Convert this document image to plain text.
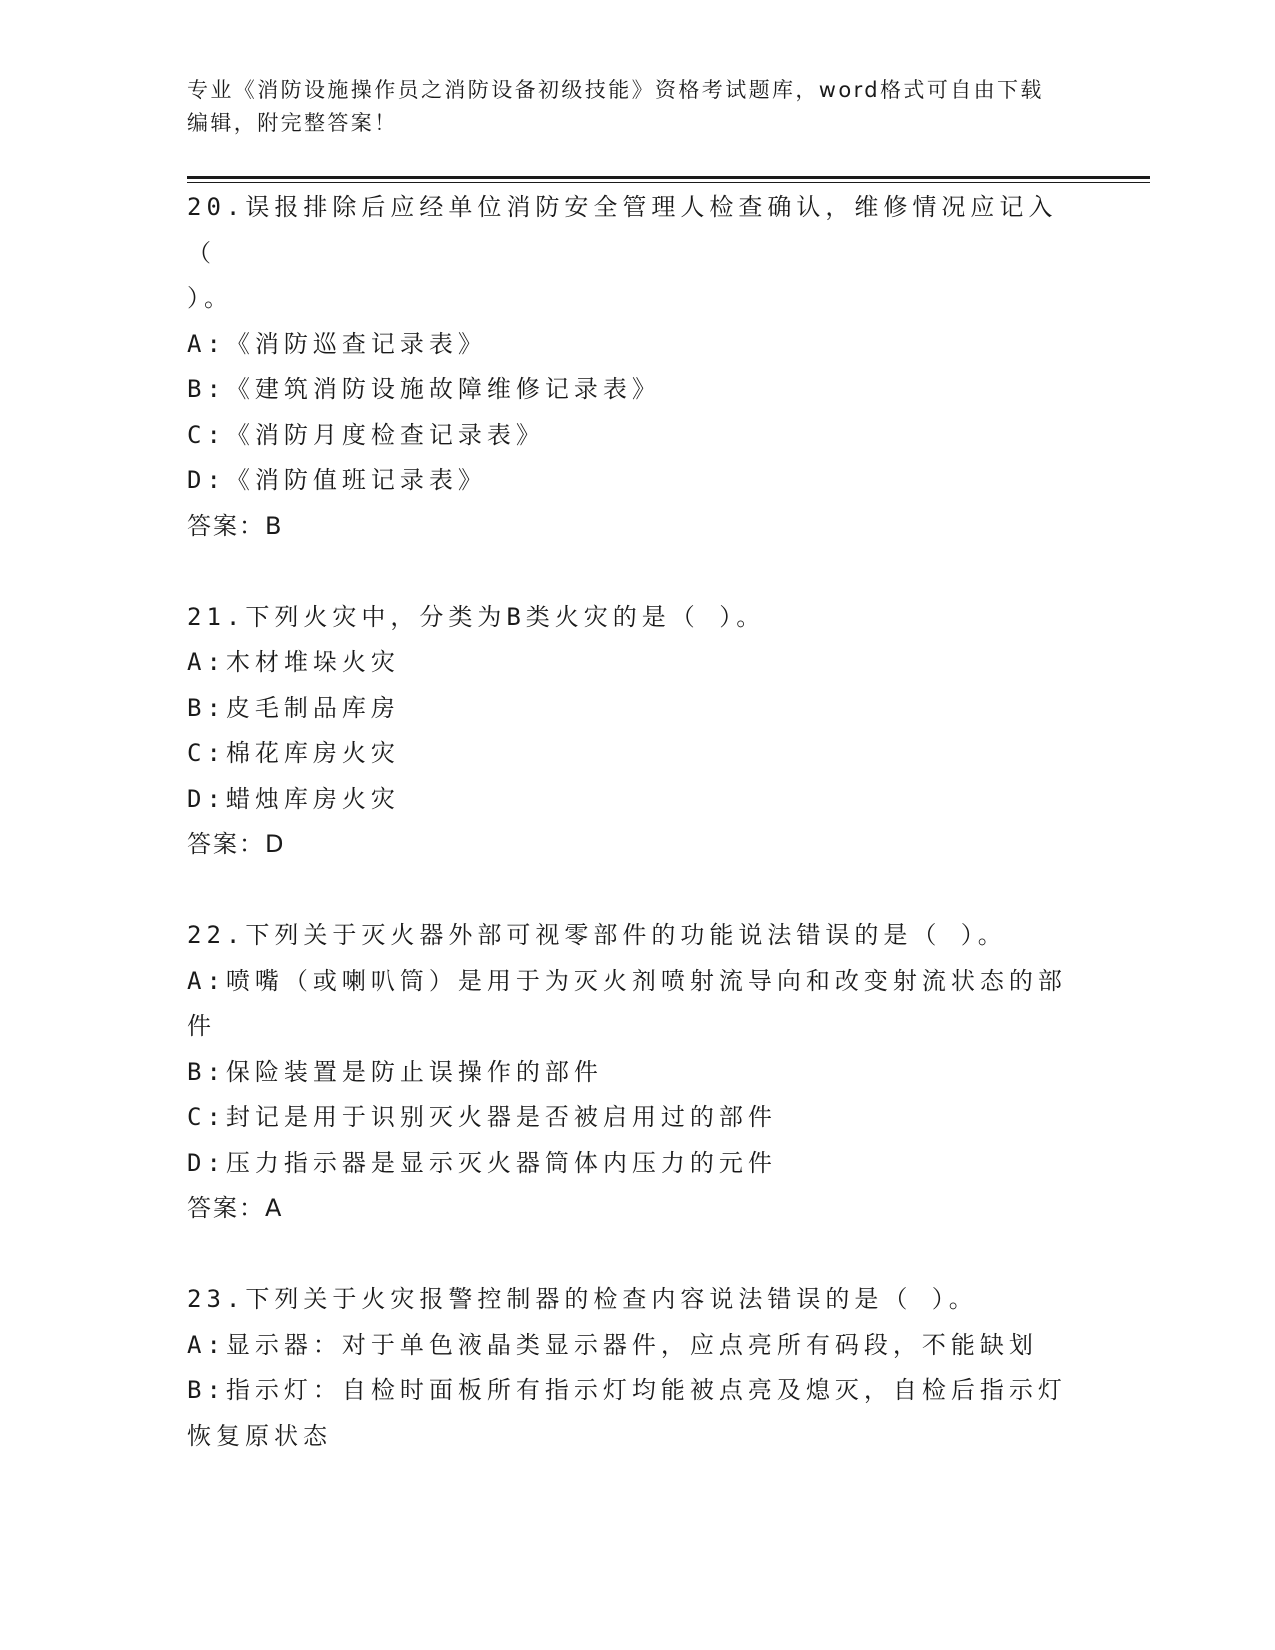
专业《消防设施操作员之消防设备初级技能》资格考试题库，word格式可自由下载编辑，附完整答案！
20.误报排除后应经单位消防安全管理人检查确认，维修情况应记入（
）。
A:《消防巡查记录表》
B:《建筑消防设施故障维修记录表》
C:《消防月度检查记录表》
D:《消防值班记录表》
答案：B
21.下列火灾中，分类为B类火灾的是（ ）。
A:木材堆垛火灾
B:皮毛制品库房
C:棉花库房火灾
D:蜡烛库房火灾
答案：D
22.下列关于灭火器外部可视零部件的功能说法错误的是（ ）。
A:喷嘴（或喇叭筒）是用于为灭火剂喷射流导向和改变射流状态的部
件
B:保险装置是防止误操作的部件
C:封记是用于识别灭火器是否被启用过的部件
D:压力指示器是显示灭火器筒体内压力的元件
答案：A
23.下列关于火灾报警控制器的检查内容说法错误的是（ ）。
A:显示器：对于单色液晶类显示器件，应点亮所有码段，不能缺划
B:指示灯：自检时面板所有指示灯均能被点亮及熄灭，自检后指示灯
恢复原状态
